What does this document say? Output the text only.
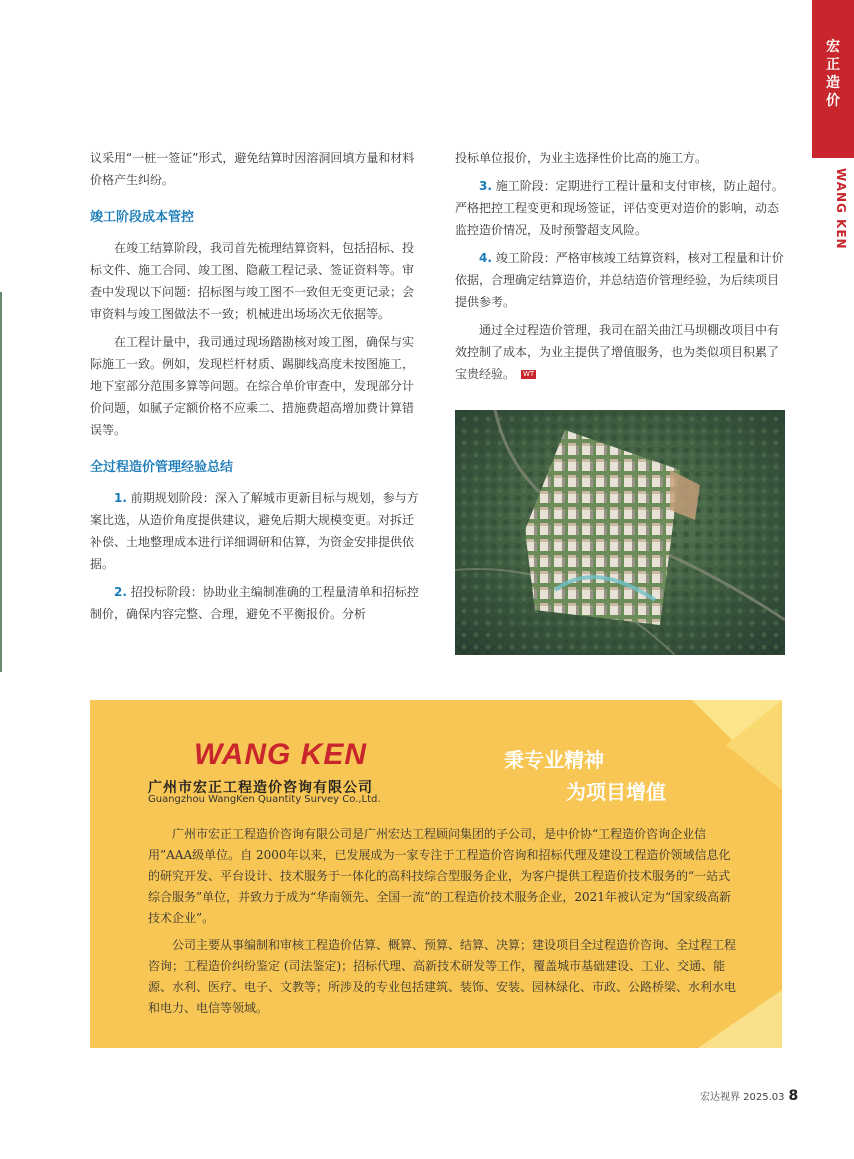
宏
正
造
价
WANG KEN

议采用“一桩一签证”形式，避免结算时因溶洞回填方量和材料价格产生纠纷。

竣工阶段成本管控

在竣工结算阶段，我司首先梳理结算资料，包括招标、投标文件、施工合同、竣工图、隐蔽工程记录、签证资料等。审查中发现以下问题：招标图与竣工图不一致但无变更记录；会审资料与竣工图做法不一致；机械进出场场次无依据等。

在工程计量中，我司通过现场踏勘核对竣工图，确保与实际施工一致。例如，发现栏杆材质、踢脚线高度未按图施工，地下室部分范围多算等问题。在综合单价审查中，发现部分计价问题，如腻子定额价格不应乘二、措施费超高增加费计算错误等。

全过程造价管理经验总结

1. 前期规划阶段：深入了解城市更新目标与规划，参与方案比选，从造价角度提供建议，避免后期大规模变更。对拆迁补偿、土地整理成本进行详细调研和估算，为资金安排提供依据。

2. 招投标阶段：协助业主编制准确的工程量清单和招标控制价，确保内容完整、合理，避免不平衡报价。分析

投标单位报价，为业主选择性价比高的施工方。

3. 施工阶段：定期进行工程计量和支付审核，防止超付。严格把控工程变更和现场签证，评估变更对造价的影响，动态监控造价情况，及时预警超支风险。

4. 竣工阶段：严格审核竣工结算资料，核对工程量和计价依据，合理确定结算造价，并总结造价管理经验，为后续项目提供参考。

通过全过程造价管理，我司在韶关曲江马坝棚改项目中有效控制了成本，为业主提供了增值服务，也为类似项目积累了宝贵经验。 WT

WANG KEN
广州市宏正工程造价咨询有限公司
Guangzhou WangKen Quantity Survey Co.,Ltd.
秉专业精神
为项目增值

广州市宏正工程造价咨询有限公司是广州宏达工程顾问集团的子公司，是中价协“工程造价咨询企业信用”AAA级单位。自 2000年以来，已发展成为一家专注于工程造价咨询和招标代理及建设工程造价领域信息化的研究开发、平台设计、技术服务于一体化的高科技综合型服务企业，为客户提供工程造价技术服务的“一站式综合服务”单位，并致力于成为“华南领先、全国一流”的工程造价技术服务企业，2021年被认定为“国家级高新技术企业”。

公司主要从事编制和审核工程造价估算、概算、预算、结算、决算；建设项目全过程造价咨询、全过程工程咨询；工程造价纠纷鉴定 (司法鉴定)；招标代理、高新技术研发等工作，覆盖城市基础建设、工业、交通、能源、水利、医疗、电子、文教等；所涉及的专业包括建筑、装饰、安装、园林绿化、市政、公路桥梁、水利水电和电力、电信等领域。

宏达视界 2025.03 8
